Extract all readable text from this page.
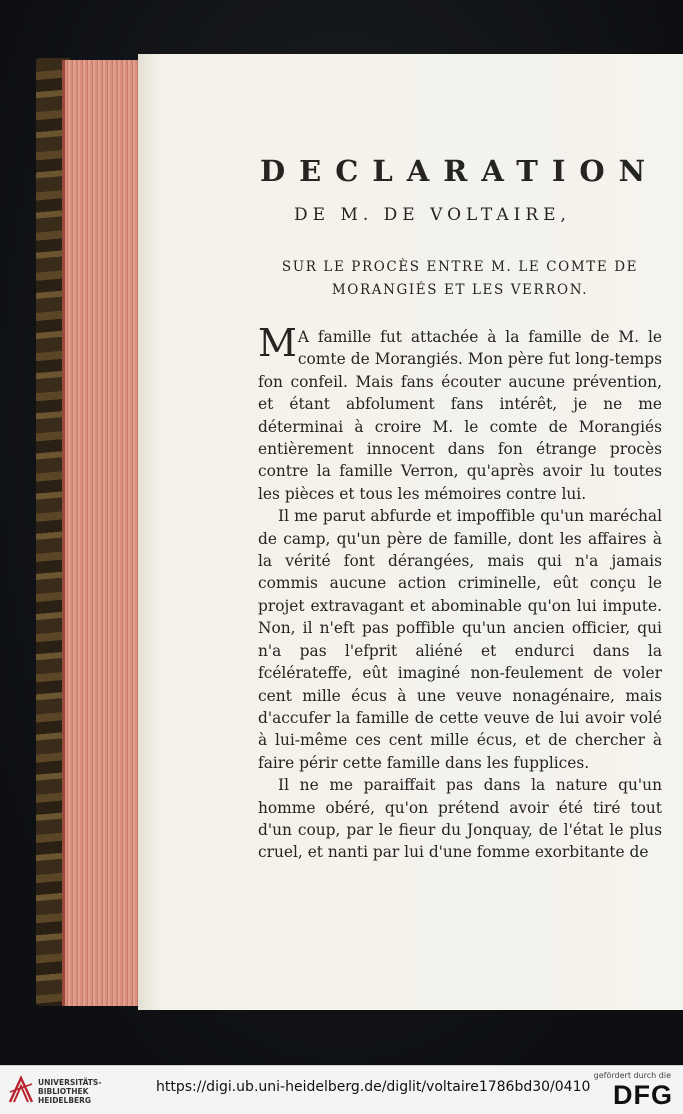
DECLARATION
DE M. DE VOLTAIRE,
SUR LE PROCÈS ENTRE M. LE COMTE DE
MORANGIÉS ET LES VERRON.

M A famille fut attachée à la famille de M. le comte de Morangiés. Mon père fut long-temps fon confeil. Mais fans écouter aucune prévention, et étant abfolument fans intérêt, je ne me déterminai à croire M. le comte de Morangiés entièrement innocent dans fon étrange procès contre la famille Verron, qu'après avoir lu toutes les pièces et tous les mémoires contre lui.

Il me parut abfurde et impoffible qu'un maréchal de camp, qu'un père de famille, dont les affaires à la vérité font dérangées, mais qui n'a jamais commis aucune action criminelle, eût conçu le projet extravagant et abominable qu'on lui impute. Non, il n'eft pas poffible qu'un ancien officier, qui n'a pas l'efprit aliéné et endurci dans la fcélérateffe, eût imaginé non-feulement de voler cent mille écus à une veuve nonagénaire, mais d'accufer la famille de cette veuve de lui avoir volé à lui-même ces cent mille écus, et de chercher à faire périr cette famille dans les fupplices.

Il ne me paraiffait pas dans la nature qu'un homme obéré, qu'on prétend avoir été tiré tout d'un coup, par le fieur du Jonquay, de l'état le plus cruel, et nanti par lui d'une fomme exorbitante de

UNIVERSITÄTS-
BIBLIOTHEK
HEIDELBERG
https://digi.ub.uni-heidelberg.de/diglit/voltaire1786bd30/0410
gefördert durch die
DFG
